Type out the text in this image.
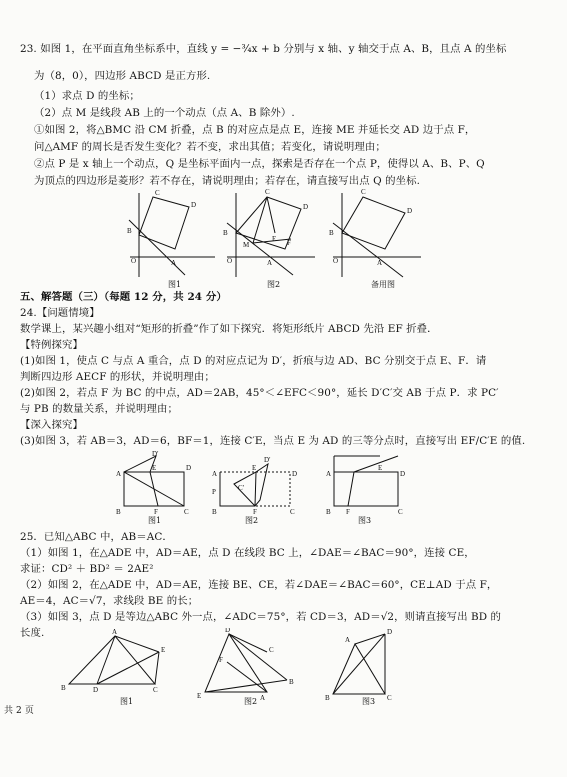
23. 如图 1，在平面直角坐标系中，直线 y = −¾x + b 分别与 x 轴、y 轴交于点 A、B，且点 A 的坐标
为（8，0），四边形 ABCD 是正方形.
（1）求点 D 的坐标；
（2）点 M 是线段 AB 上的一个动点（点 A、B 除外）.
①如图 2，将△BMC 沿 CM 折叠，点 B 的对应点是点 E，连接 ME 并延长交 AD 边于点 F，
问△AMF 的周长是否发生变化？若不变，求出其值；若变化，请说明理由；
②点 P 是 x 轴上一个动点，Q 是坐标平面内一点，探索是否存在一个点 P，使得以 A、B、P、Q
为顶点的四边形是菱形？若不存在，请说明理由；若存在，请直接写出点 Q 的坐标.
B
C
D
O	A
B
C
D
M
E F
O	A
B
C
D
O	A
图1	图2	备用图
五、解答题（三）（每题 12 分，共 24 分）
24.【问题情境】
数学课上，某兴趣小组对“矩形的折叠”作了如下探究．将矩形纸片 ABCD 先沿 EF 折叠．
【特例探究】
(1)如图 1，使点 C 与点 A 重合，点 D 的对应点记为 D′，折痕与边 AD、BC 分别交于点 E、F．请
判断四边形 AECF 的形状，并说明理由；
(2)如图 2，若点 F 为 BC 的中点，AD＝2AB，45°＜∠EFC＜90°，延长 D′C′交 AB 于点 P．求 PC′
与 PB 的数量关系，并说明理由；
【深入探究】
(3)如图 3，若 AB＝3，AD＝6，BF＝1，连接 C′E，当点 E 为 AD 的三等分点时，直接写出 EF/C′E 的值.
A
D′
E	D
B	F	C
A
E
D′
D
C′
P
B	F	C
A
E
D
B F	C
图1	图2	图3
25．已知△ABC 中，AB＝AC．
（1）如图 1，在△ADE 中，AD＝AE，点 D 在线段 BC 上，∠DAE＝∠BAC＝90°，连接 CE，
求证：CD² ＋ BD² ＝ 2AE²
（2）如图 2，在△ADE 中，AD＝AE，连接 BE、CE，若∠DAE＝∠BAC＝60°，CE⊥AD 于点 F，
AE＝4，AC＝√7，求线段 BE 的长；
（3）如图 3，点 D 是等边△ABC 外一点，∠ADC＝75°，若 CD＝3，AD＝√2，则请直接写出 BD 的
长度.	A
E
B	D	C
D
F
C
E	A
B
A
D
B	C
图1	图2	图3
共 2 页
